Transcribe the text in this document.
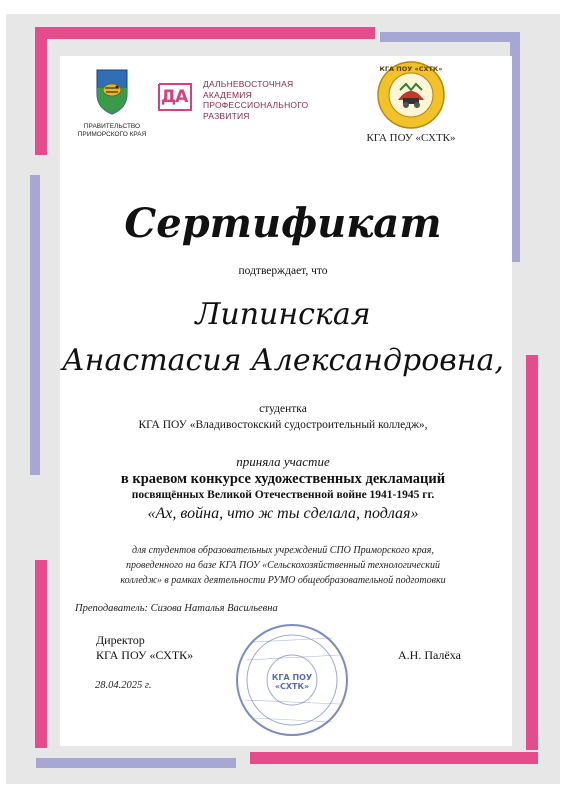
ПРАВИТЕЛЬСТВО
ПРИМОРСКОГО КРАЯ
ДА
ДАЛЬНЕВОСТОЧНАЯ
АКАДЕМИЯ
ПРОФЕССИОНАЛЬНОГО
РАЗВИТИЯ
КГА ПОУ «СХТК»
КГА ПОУ «СХТК»
Сертификат
подтверждает, что
Липинская
Анастасия Александровна,
студентка
КГА ПОУ «Владивостокский судостроительный колледж»,
приняла участие
в краевом конкурсе художественных декламаций
посвящённых Великой Отечественной войне 1941-1945 гг.
«Ах, война, что ж ты сделала, подлая»
для студентов образовательных учреждений СПО Приморского края,
проведенного на базе КГА ПОУ «Сельскохозяйственный технологический
колледж» в рамках деятельности РУМО общеобразовательной подготовки
Преподаватель: Сизова Наталья Васильевна
Директор
КГА ПОУ «СХТК»	А.Н. Палёха
28.04.2025 г.
КГА ПОУ «СХТК»
